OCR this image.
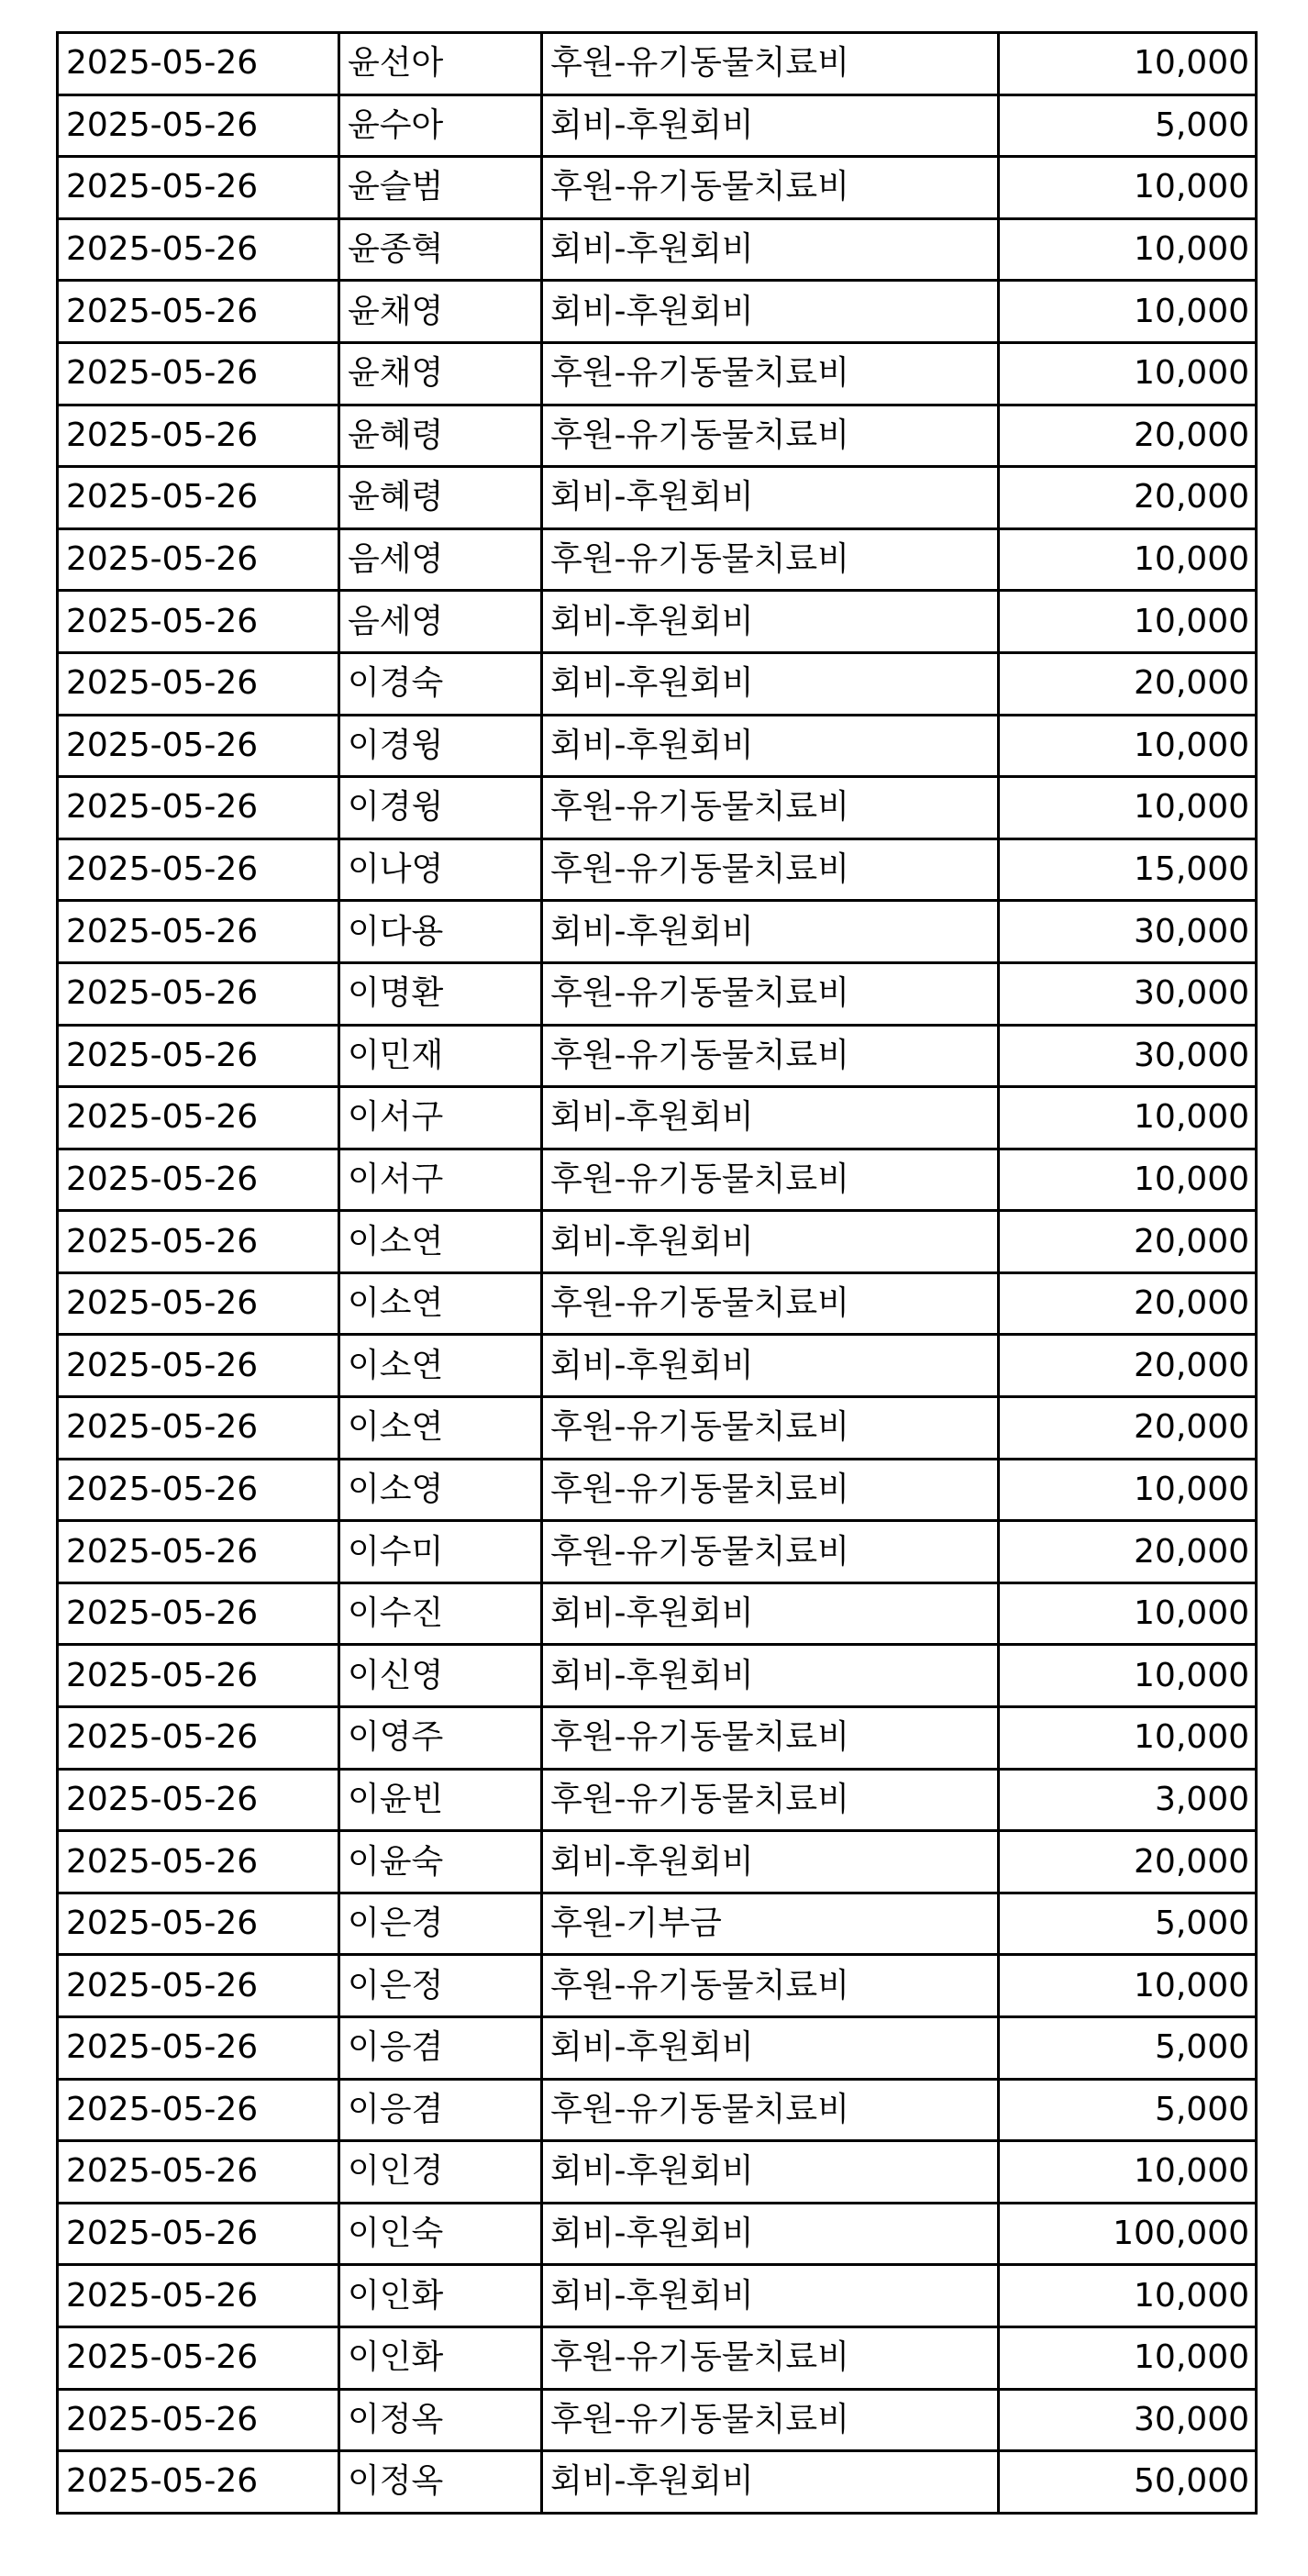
2025-05-26	윤선아	후원-유기동물치료비	10,000
2025-05-26	윤수아	회비-후원회비	5,000
2025-05-26	윤슬범	후원-유기동물치료비	10,000
2025-05-26	윤종혁	회비-후원회비	10,000
2025-05-26	윤채영	회비-후원회비	10,000
2025-05-26	윤채영	후원-유기동물치료비	10,000
2025-05-26	윤혜령	후원-유기동물치료비	20,000
2025-05-26	윤혜령	회비-후원회비	20,000
2025-05-26	음세영	후원-유기동물치료비	10,000
2025-05-26	음세영	회비-후원회비	10,000
2025-05-26	이경숙	회비-후원회비	20,000
2025-05-26	이경윙	회비-후원회비	10,000
2025-05-26	이경윙	후원-유기동물치료비	10,000
2025-05-26	이나영	후원-유기동물치료비	15,000
2025-05-26	이다용	회비-후원회비	30,000
2025-05-26	이명환	후원-유기동물치료비	30,000
2025-05-26	이민재	후원-유기동물치료비	30,000
2025-05-26	이서구	회비-후원회비	10,000
2025-05-26	이서구	후원-유기동물치료비	10,000
2025-05-26	이소연	회비-후원회비	20,000
2025-05-26	이소연	후원-유기동물치료비	20,000
2025-05-26	이소연	회비-후원회비	20,000
2025-05-26	이소연	후원-유기동물치료비	20,000
2025-05-26	이소영	후원-유기동물치료비	10,000
2025-05-26	이수미	후원-유기동물치료비	20,000
2025-05-26	이수진	회비-후원회비	10,000
2025-05-26	이신영	회비-후원회비	10,000
2025-05-26	이영주	후원-유기동물치료비	10,000
2025-05-26	이윤빈	후원-유기동물치료비	3,000
2025-05-26	이윤숙	회비-후원회비	20,000
2025-05-26	이은경	후원-기부금	5,000
2025-05-26	이은정	후원-유기동물치료비	10,000
2025-05-26	이응겸	회비-후원회비	5,000
2025-05-26	이응겸	후원-유기동물치료비	5,000
2025-05-26	이인경	회비-후원회비	10,000
2025-05-26	이인숙	회비-후원회비	100,000
2025-05-26	이인화	회비-후원회비	10,000
2025-05-26	이인화	후원-유기동물치료비	10,000
2025-05-26	이정옥	후원-유기동물치료비	30,000
2025-05-26	이정옥	회비-후원회비	50,000
